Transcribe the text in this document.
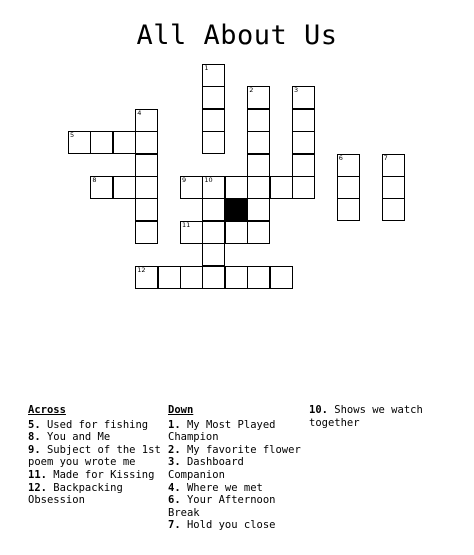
All About Us
1
2	3
4
5
6	7
8	9	10
11
12
Across

5. Used for fishing

8. You and Me

9. Subject of the 1st poem you wrote me

11. Made for Kissing

12. Backpacking Obsession

Down

1. My Most Played Champion

2. My favorite flower

3. Dashboard Companion

4. Where we met

6. Your Afternoon Break

7. Hold you close

10. Shows we watch together
